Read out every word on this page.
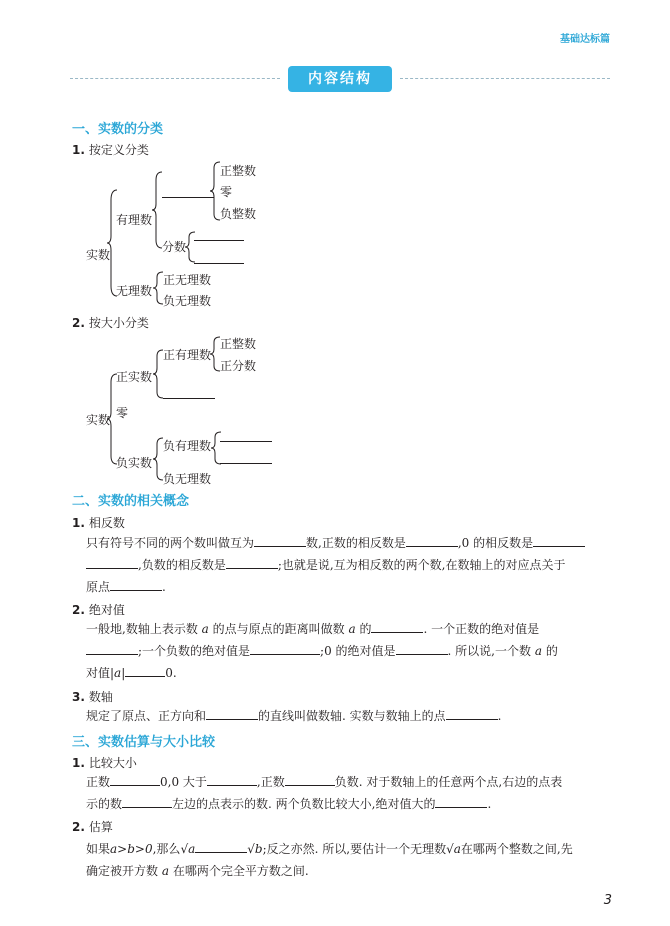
基础达标篇
内容结构
一、实数的分类
1. 按定义分类
实数
有理数
正整数
零
负整数
分数
无理数
正无理数
负无理数
2. 按大小分类
实数
正实数
正有理数
正整数
正分数
零
负实数
负有理数
负无理数
二、实数的相关概念
1. 相反数
只有符号不同的两个数叫做互为	数,正数的相反数是	,0 的相反数是
,负数的相反数是	;也就是说,互为相反数的两个数,在数轴上的对应点关于
原点	.
2. 绝对值
一般地,数轴上表示数 a 的点与原点的距离叫做数 a 的	. 一个正数的绝对值是
;一个负数的绝对值是	;0 的绝对值是	. 所以说,一个数 a 的
对值|a|	0.
3. 数轴
规定了原点、正方向和	的直线叫做数轴. 实数与数轴上的点	.
三、实数估算与大小比较
1. 比较大小
正数	0,0 大于	,正数	负数. 对于数轴上的任意两个点,右边的点表
示的数	左边的点表示的数. 两个负数比较大小,绝对值大的	.
2. 估算
如果a>b>0,那么√a	√b;反之亦然. 所以,要估计一个无理数√a在哪两个整数之间,先
确定被开方数 a 在哪两个完全平方数之间.
3
